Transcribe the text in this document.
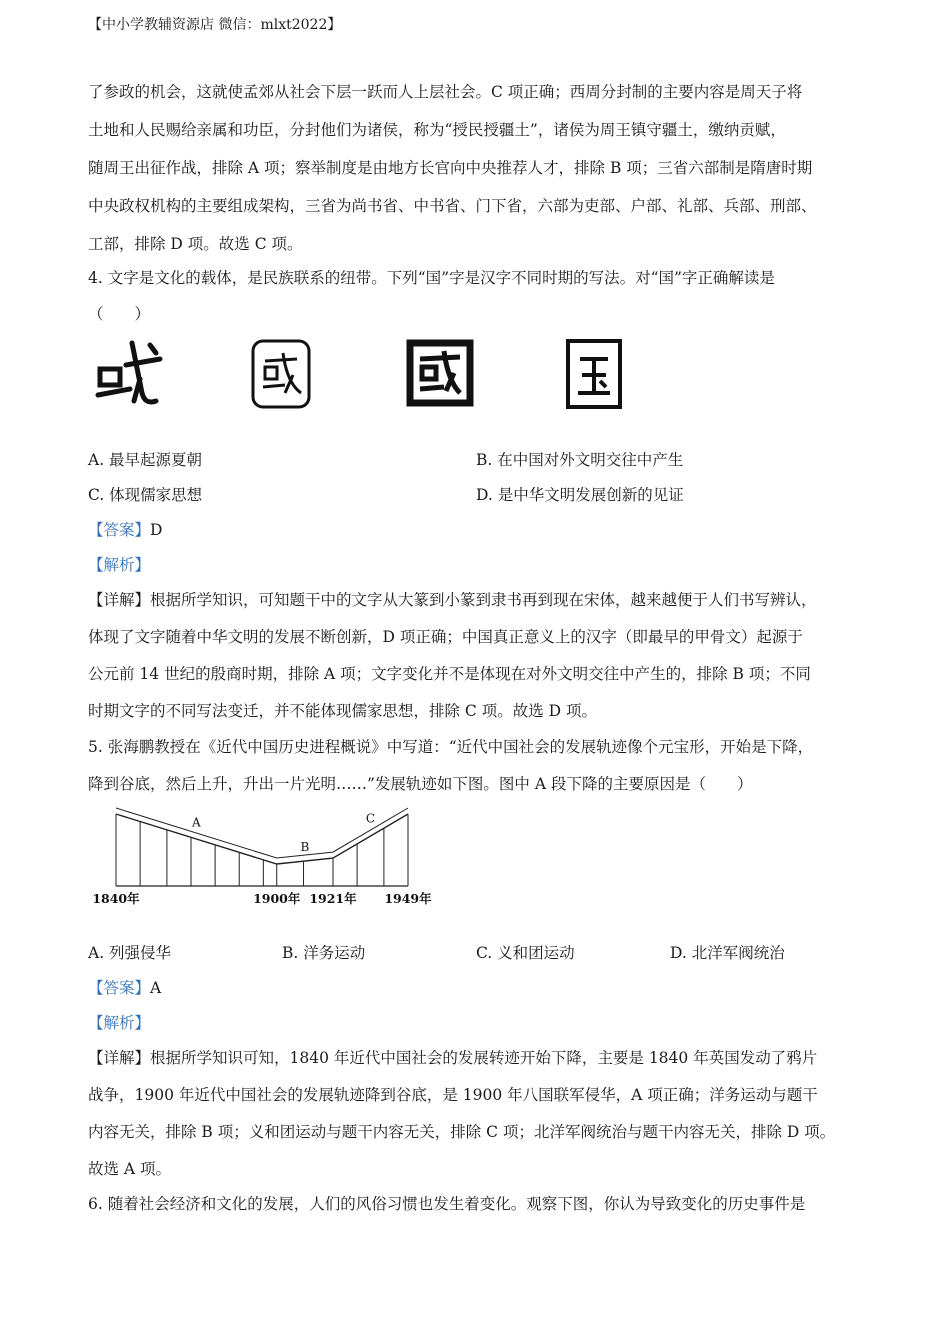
【中小学教辅资源店 微信：mlxt2022】
了参政的机会，这就使孟郊从社会下层一跃而人上层社会。C 项正确；西周分封制的主要内容是周天子将
土地和人民赐给亲属和功臣，分封他们为诸侯，称为“授民授疆土”，诸侯为周王镇守疆土，缴纳贡赋，
随周王出征作战，排除 A 项；察举制度是由地方长官向中央推荐人才，排除 B 项；三省六部制是隋唐时期
中央政权机构的主要组成架构，三省为尚书省、中书省、门下省，六部为吏部、户部、礼部、兵部、刑部、
工部，排除 D 项。故选 C 项。
4. 文字是文化的载体，是民族联系的纽带。下列“国”字是汉字不同时期的写法。对“国”字正确解读是
（　　）
A. 最早起源夏朝	B. 在中国对外文明交往中产生
C. 体现儒家思想	D. 是中华文明发展创新的见证
【答案】D
【解析】
【详解】根据所学知识，可知题干中的文字从大篆到小篆到隶书再到现在宋体，越来越便于人们书写辨认，
体现了文字随着中华文明的发展不断创新，D 项正确；中国真正意义上的汉字（即最早的甲骨文）起源于
公元前 14 世纪的殷商时期，排除 A 项；文字变化并不是体现在对外文明交往中产生的，排除 B 项；不同
时期文字的不同写法变迁，并不能体现儒家思想，排除 C 项。故选 D 项。
5. 张海鹏教授在《近代中国历史进程概说》中写道：“近代中国社会的发展轨迹像个元宝形，开始是下降，
降到谷底，然后上升，升出一片光明……”发展轨迹如下图。图中 A 段下降的主要原因是（　　）
A
B
C
1840年	1900年 1921年 1949年
A. 列强侵华	B. 洋务运动	C. 义和团运动	D. 北洋军阀统治
【答案】A
【解析】
【详解】根据所学知识可知，1840 年近代中国社会的发展转迹开始下降，主要是 1840 年英国发动了鸦片
战争，1900 年近代中国社会的发展轨迹降到谷底，是 1900 年八国联军侵华，A 项正确；洋务运动与题干
内容无关，排除 B 项；义和团运动与题干内容无关，排除 C 项；北洋军阀统治与题干内容无关，排除 D 项。
故选 A 项。
6. 随着社会经济和文化的发展，人们的风俗习惯也发生着变化。观察下图，你认为导致变化的历史事件是
